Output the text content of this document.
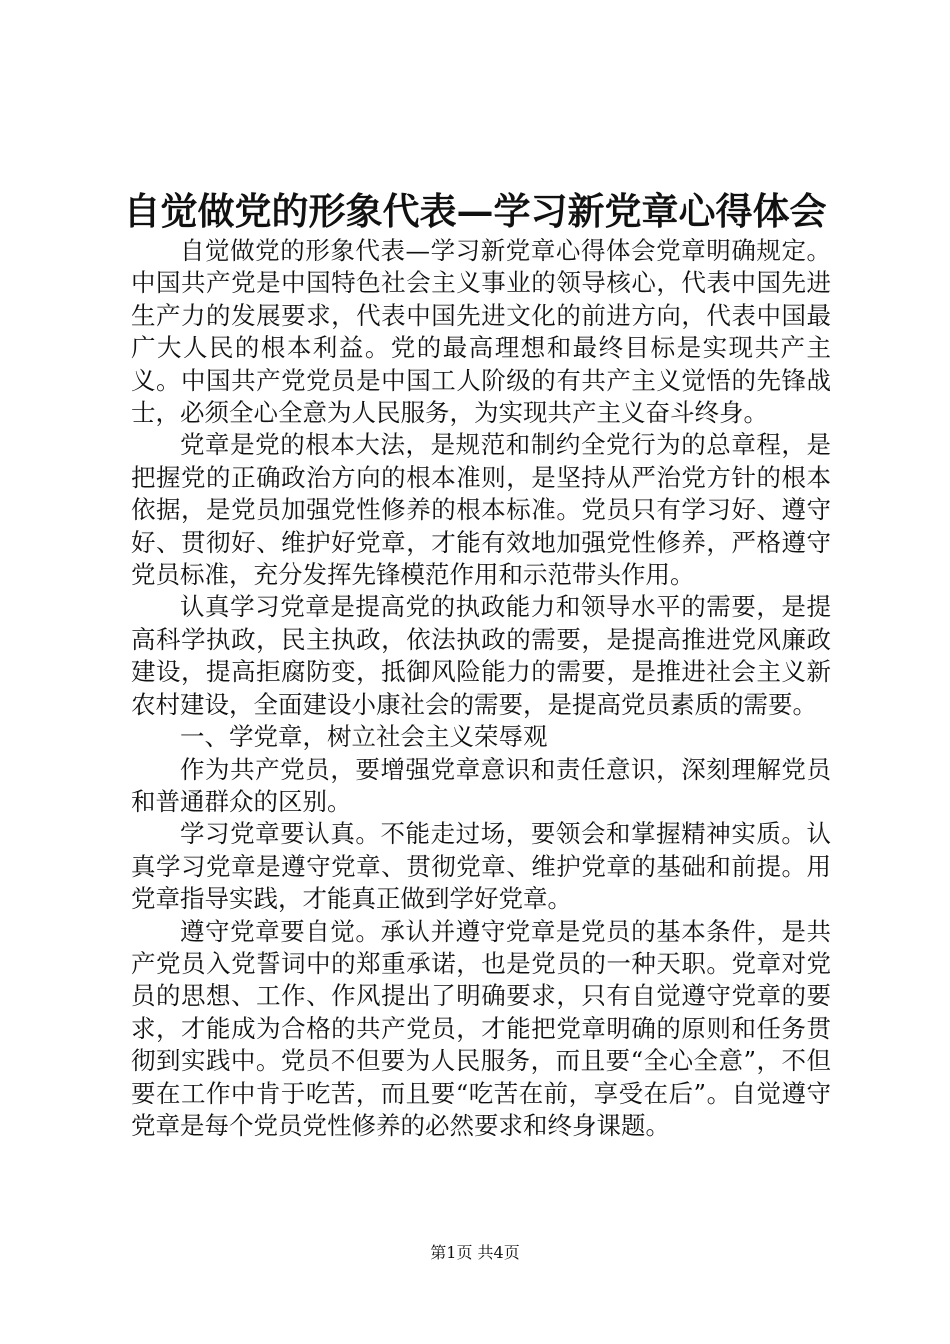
自觉做党的形象代表—学习新党章心得体会

自觉做党的形象代表—学习新党章心得体会党章明确规定。中国共产党是中国特色社会主义事业的领导核心，代表中国先进生产力的发展要求，代表中国先进文化的前进方向，代表中国最广大人民的根本利益。党的最高理想和最终目标是实现共产主义。中国共产党党员是中国工人阶级的有共产主义觉悟的先锋战士，必须全心全意为人民服务，为实现共产主义奋斗终身。

党章是党的根本大法，是规范和制约全党行为的总章程，是把握党的正确政治方向的根本准则，是坚持从严治党方针的根本依据，是党员加强党性修养的根本标准。党员只有学习好、遵守好、贯彻好、维护好党章，才能有效地加强党性修养，严格遵守党员标准，充分发挥先锋模范作用和示范带头作用。

认真学习党章是提高党的执政能力和领导水平的需要，是提高科学执政，民主执政，依法执政的需要，是提高推进党风廉政建设，提高拒腐防变，抵御风险能力的需要，是推进社会主义新农村建设，全面建设小康社会的需要，是提高党员素质的需要。

一、学党章，树立社会主义荣辱观

作为共产党员，要增强党章意识和责任意识，深刻理解党员和普通群众的区别。

学习党章要认真。不能走过场，要领会和掌握精神实质。认真学习党章是遵守党章、贯彻党章、维护党章的基础和前提。用党章指导实践，才能真正做到学好党章。

遵守党章要自觉。承认并遵守党章是党员的基本条件，是共产党员入党誓词中的郑重承诺，也是党员的一种天职。党章对党员的思想、工作、作风提出了明确要求，只有自觉遵守党章的要求，才能成为合格的共产党员，才能把党章明确的原则和任务贯彻到实践中。党员不但要为人民服务，而且要“全心全意”，不但要在工作中肯于吃苦，而且要“吃苦在前，享受在后”。自觉遵守党章是每个党员党性修养的必然要求和终身课题。

第1页 共4页
